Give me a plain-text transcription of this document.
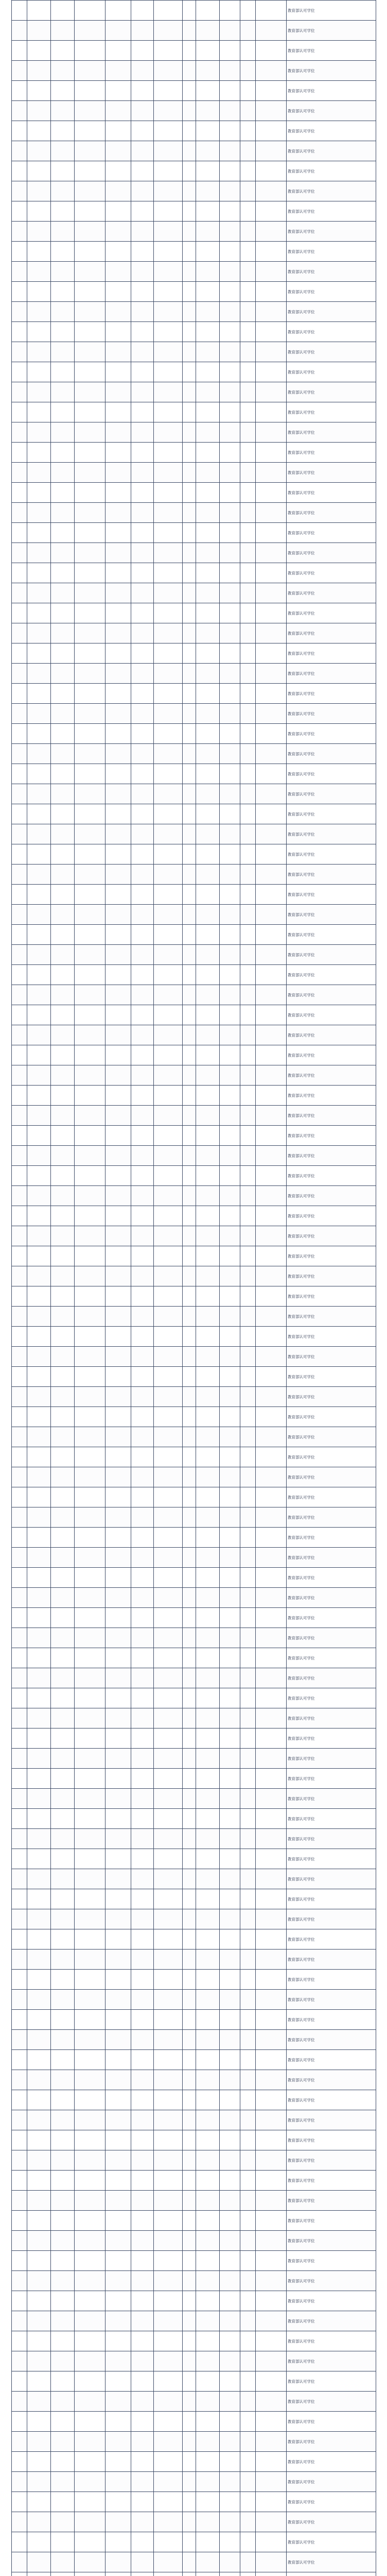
												教育部认可学位
												教育部认可学位
												教育部认可学位
												教育部认可学位
												教育部认可学位
												教育部认可学位
												教育部认可学位
												教育部认可学位
												教育部认可学位
												教育部认可学位
												教育部认可学位
												教育部认可学位
												教育部认可学位
												教育部认可学位
												教育部认可学位
												教育部认可学位
												教育部认可学位
												教育部认可学位
												教育部认可学位
												教育部认可学位
												教育部认可学位
												教育部认可学位
												教育部认可学位
												教育部认可学位
												教育部认可学位
												教育部认可学位
												教育部认可学位
												教育部认可学位
												教育部认可学位
												教育部认可学位
												教育部认可学位
												教育部认可学位
												教育部认可学位
												教育部认可学位
												教育部认可学位
												教育部认可学位
												教育部认可学位
												教育部认可学位
												教育部认可学位
												教育部认可学位
												教育部认可学位
												教育部认可学位
												教育部认可学位
												教育部认可学位
												教育部认可学位
												教育部认可学位
												教育部认可学位
												教育部认可学位
												教育部认可学位
												教育部认可学位
												教育部认可学位
												教育部认可学位
												教育部认可学位
												教育部认可学位
												教育部认可学位
												教育部认可学位
												教育部认可学位
												教育部认可学位
												教育部认可学位
												教育部认可学位
												教育部认可学位
												教育部认可学位
												教育部认可学位
												教育部认可学位
												教育部认可学位
												教育部认可学位
												教育部认可学位
												教育部认可学位
												教育部认可学位
												教育部认可学位
												教育部认可学位
												教育部认可学位
												教育部认可学位
												教育部认可学位
												教育部认可学位
												教育部认可学位
												教育部认可学位
												教育部认可学位
												教育部认可学位
												教育部认可学位
												教育部认可学位
												教育部认可学位
												教育部认可学位
												教育部认可学位
												教育部认可学位
												教育部认可学位
												教育部认可学位
												教育部认可学位
												教育部认可学位
												教育部认可学位
												教育部认可学位
												教育部认可学位
												教育部认可学位
												教育部认可学位
												教育部认可学位
												教育部认可学位
												教育部认可学位
												教育部认可学位
												教育部认可学位
												教育部认可学位
												教育部认可学位
												教育部认可学位
												教育部认可学位
												教育部认可学位
												教育部认可学位
												教育部认可学位
												教育部认可学位
												教育部认可学位
												教育部认可学位
												教育部认可学位
												教育部认可学位
												教育部认可学位
												教育部认可学位
												教育部认可学位
												教育部认可学位
												教育部认可学位
												教育部认可学位
												教育部认可学位
												教育部认可学位
												教育部认可学位
												教育部认可学位
												教育部认可学位
												教育部认可学位
												教育部认可学位
												教育部认可学位
												教育部认可学位
												教育部认可学位
												教育部认可学位
